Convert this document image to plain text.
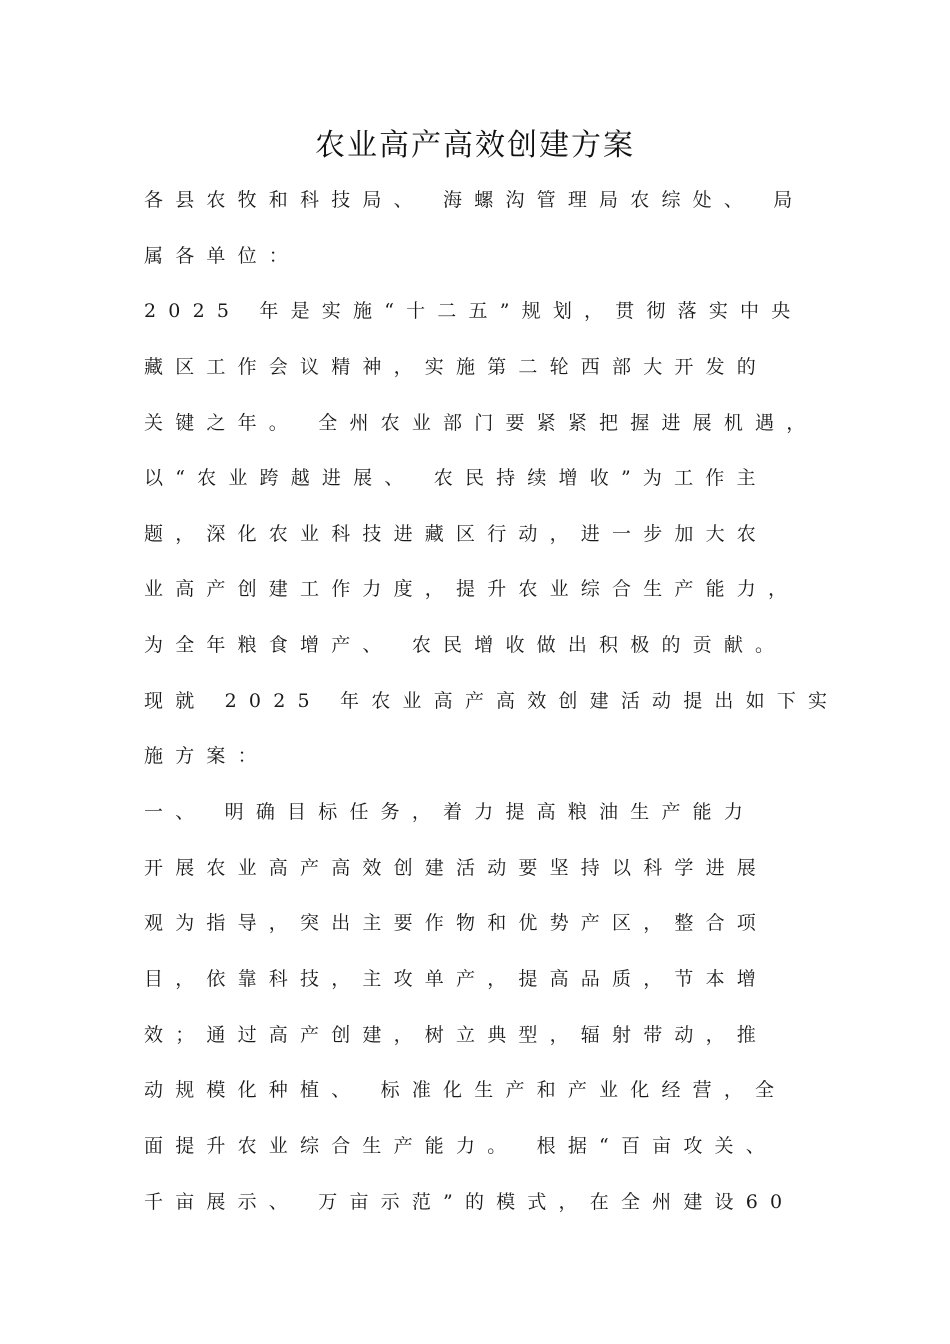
农业高产高效创建方案
各县农牧和科技局、 海螺沟管理局农综处、 局
属各单位：
2025 年是实施“十二五”规划，贯彻落实中央
藏区工作会议精神，实施第二轮西部大开发的
关键之年。 全州农业部门要紧紧把握进展机遇，
以“农业跨越进展、 农民持续增收”为工作主
题，深化农业科技进藏区行动，进一步加大农
业高产创建工作力度，提升农业综合生产能力，
为全年粮食增产、 农民增收做出积极的贡献。
现就 2025 年农业高产高效创建活动提出如下实
施方案：
一、 明确目标任务，着力提高粮油生产能力
开展农业高产高效创建活动要坚持以科学进展
观为指导，突出主要作物和优势产区，整合项
目，依靠科技，主攻单产，提高品质，节本增
效；通过高产创建，树立典型，辐射带动，推
动规模化种植、 标准化生产和产业化经营，全
面提升农业综合生产能力。 根据“百亩攻关、
千亩展示、 万亩示范”的模式，在全州建设60
